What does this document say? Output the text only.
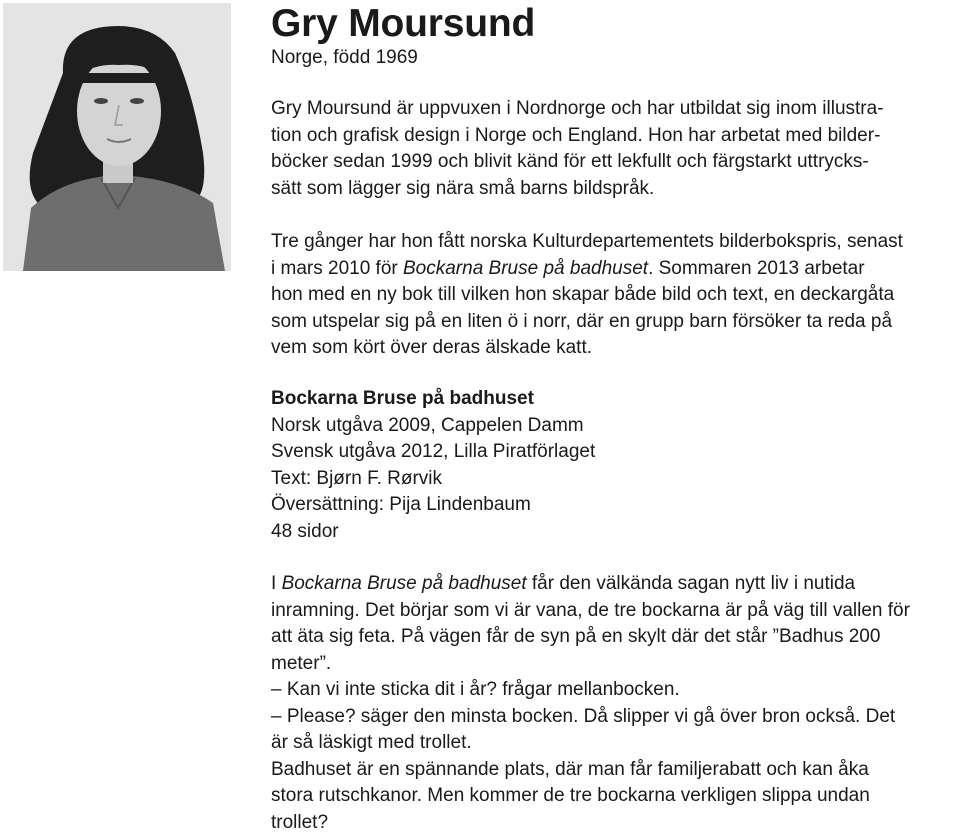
Gry Moursund
Norge, född 1969
Gry Moursund är uppvuxen i Nordnorge och har utbildat sig inom illustra-
tion och grafisk design i Norge och England. Hon har arbetat med bilder-
böcker sedan 1999 och blivit känd för ett lekfullt och färgstarkt uttrycks-
sätt som lägger sig nära små barns bildspråk.
Tre gånger har hon fått norska Kulturdepartementets bilderbokspris, senast
i mars 2010 för Bockarna Bruse på badhuset. Sommaren 2013 arbetar
hon med en ny bok till vilken hon skapar både bild och text, en deckargåta
som utspelar sig på en liten ö i norr, där en grupp barn försöker ta reda på
vem som kört över deras älskade katt.
Bockarna Bruse på badhuset
Norsk utgåva 2009, Cappelen Damm
Svensk utgåva 2012, Lilla Piratförlaget
Text: Bjørn F. Rørvik
Översättning: Pija Lindenbaum
48 sidor
I Bockarna Bruse på badhuset får den välkända sagan nytt liv i nutida
inramning. Det börjar som vi är vana, de tre bockarna är på väg till vallen för
att äta sig feta. På vägen får de syn på en skylt där det står ”Badhus 200
meter”.
– Kan vi inte sticka dit i år? frågar mellanbocken.
– Please? säger den minsta bocken. Då slipper vi gå över bron också. Det
är så läskigt med trollet.
Badhuset är en spännande plats, där man får familjerabatt och kan åka
stora rutschkanor. Men kommer de tre bockarna verkligen slippa undan
trollet?
